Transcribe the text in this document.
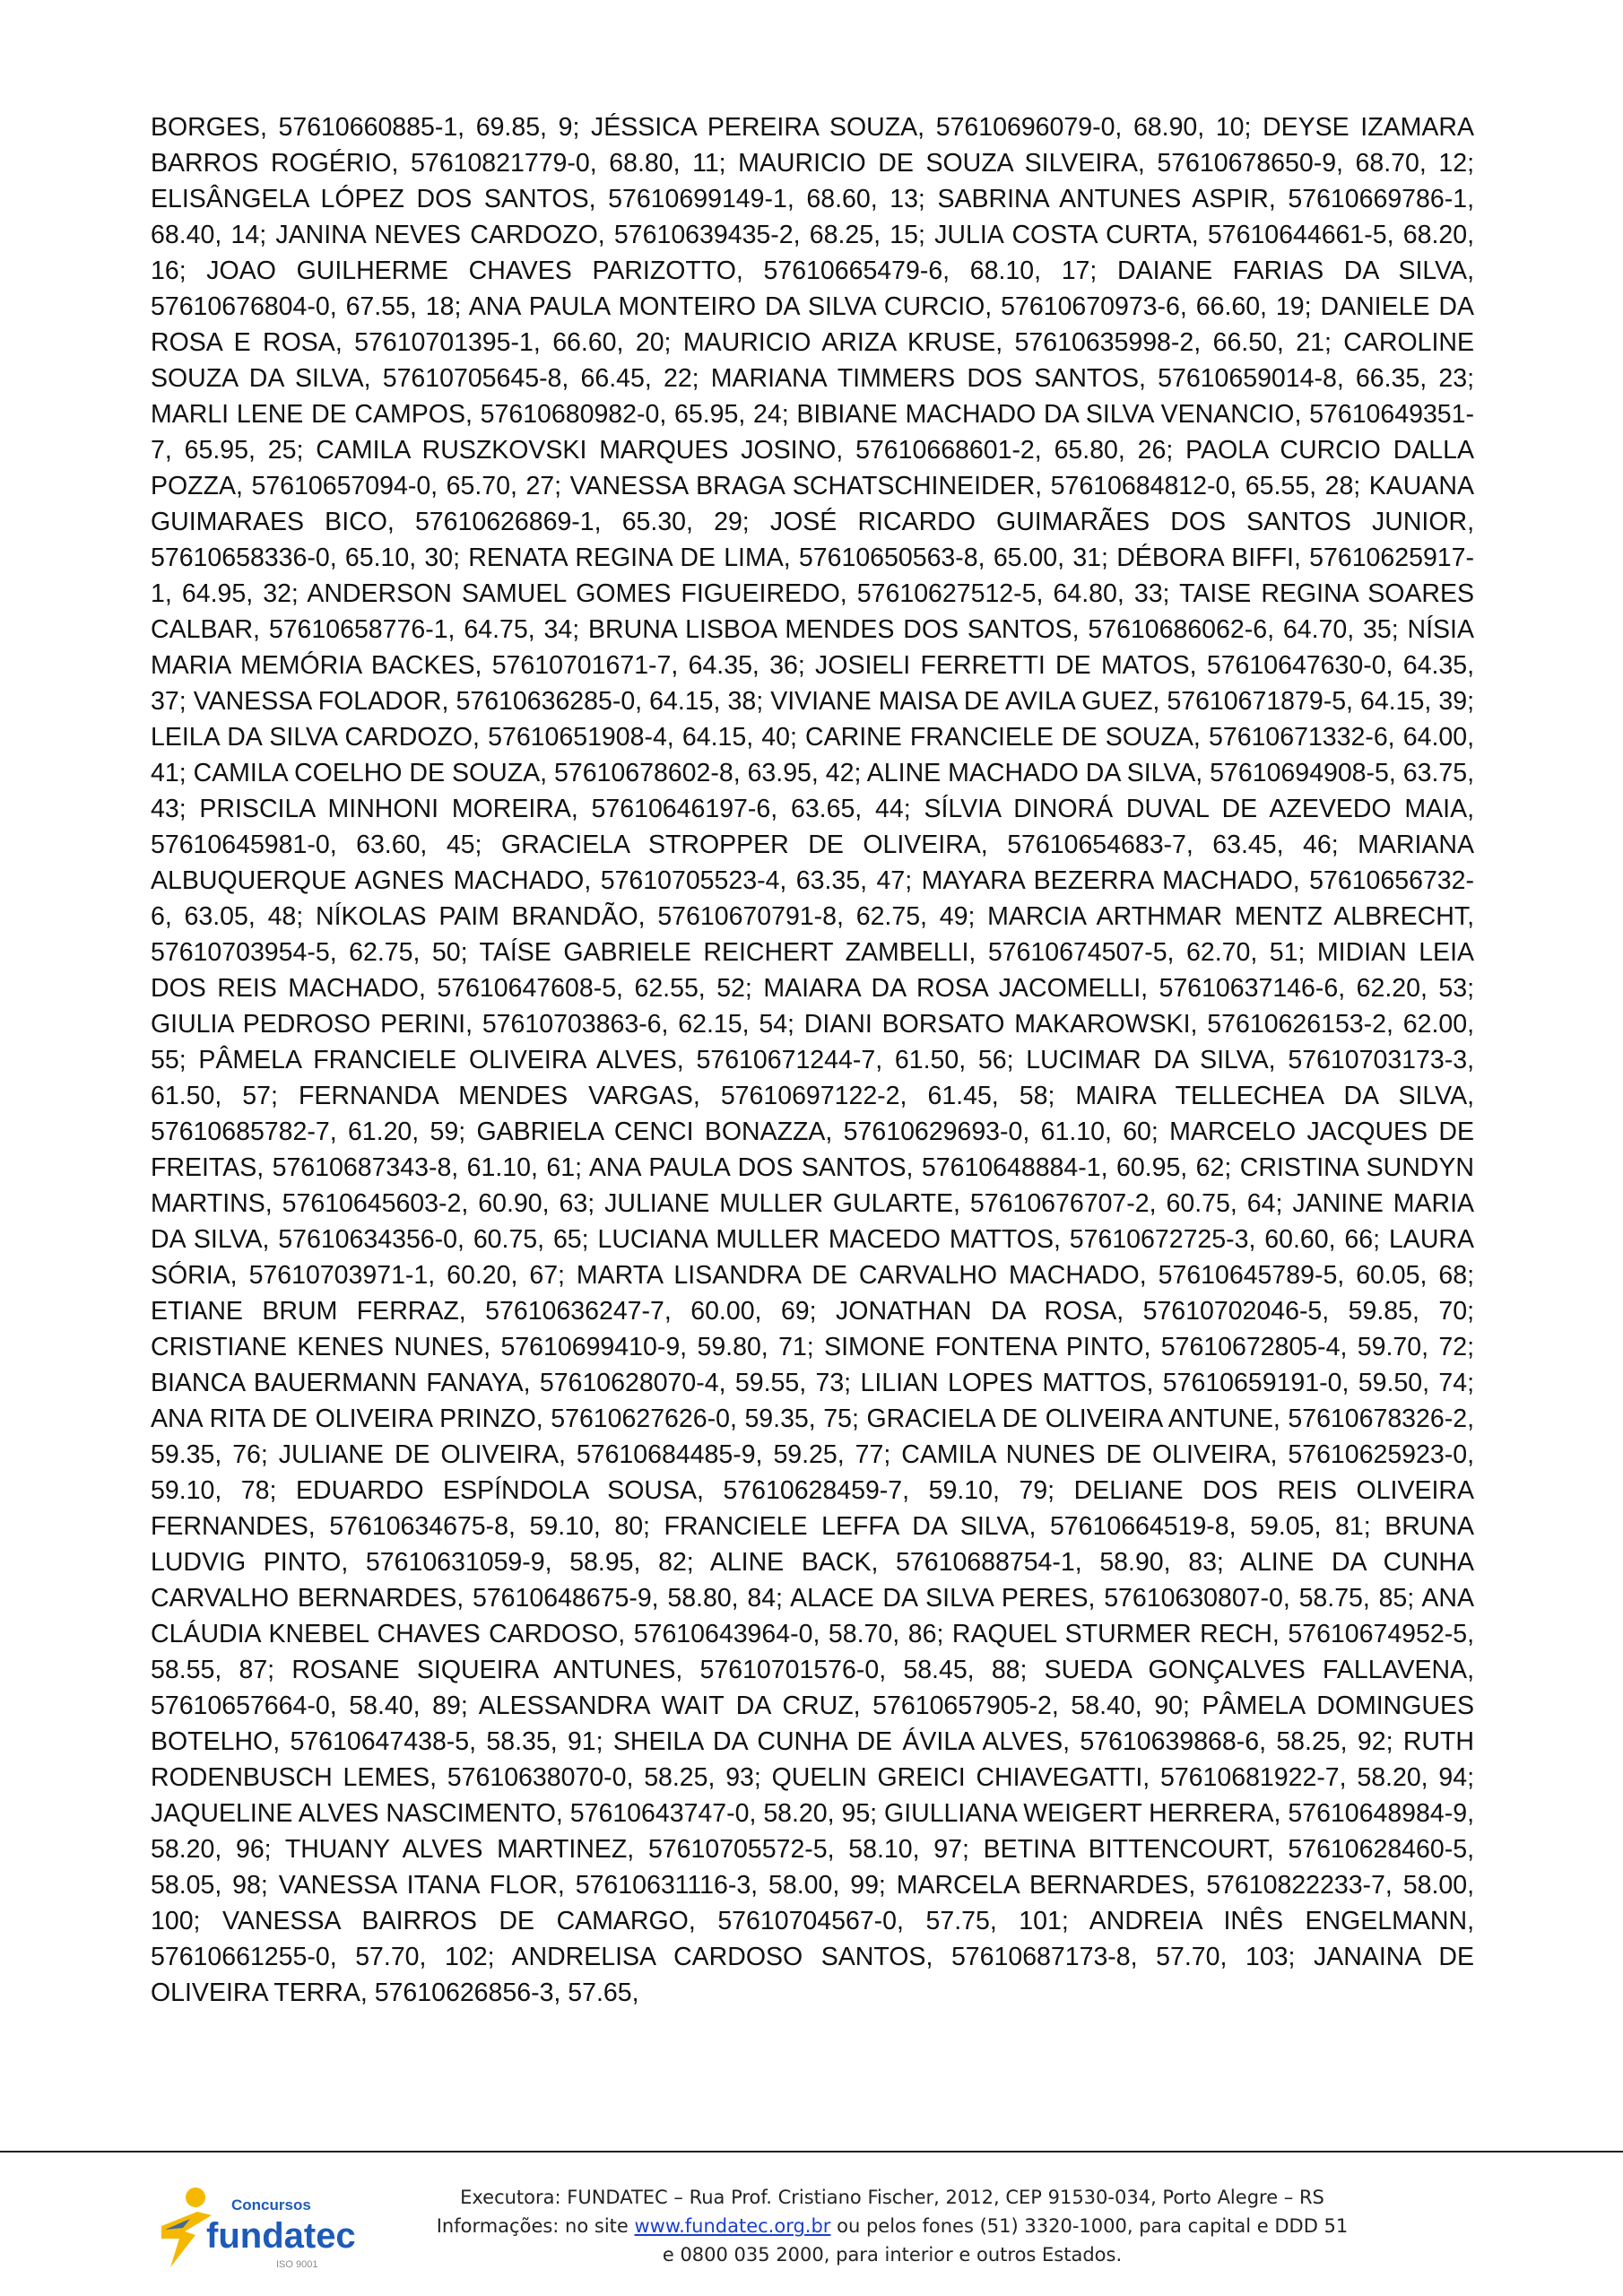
BORGES, 57610660885-1, 69.85, 9; JÉSSICA PEREIRA SOUZA, 57610696079-0, 68.90, 10; DEYSE IZAMARA BARROS ROGÉRIO, 57610821779-0, 68.80, 11; MAURICIO DE SOUZA SILVEIRA, 57610678650-9, 68.70, 12; ELISÂNGELA LÓPEZ DOS SANTOS, 57610699149-1, 68.60, 13; SABRINA ANTUNES ASPIR, 57610669786-1, 68.40, 14; JANINA NEVES CARDOZO, 57610639435-2, 68.25, 15; JULIA COSTA CURTA, 57610644661-5, 68.20, 16; JOAO GUILHERME CHAVES PARIZOTTO, 57610665479-6, 68.10, 17; DAIANE FARIAS DA SILVA, 57610676804-0, 67.55, 18; ANA PAULA MONTEIRO DA SILVA CURCIO, 57610670973-6, 66.60, 19; DANIELE DA ROSA E ROSA, 57610701395-1, 66.60, 20; MAURICIO ARIZA KRUSE, 57610635998-2, 66.50, 21; CAROLINE SOUZA DA SILVA, 57610705645-8, 66.45, 22; MARIANA TIMMERS DOS SANTOS, 57610659014-8, 66.35, 23; MARLI LENE DE CAMPOS, 57610680982-0, 65.95, 24; BIBIANE MACHADO DA SILVA VENANCIO, 57610649351-7, 65.95, 25; CAMILA RUSZKOVSKI MARQUES JOSINO, 57610668601-2, 65.80, 26; PAOLA CURCIO DALLA POZZA, 57610657094-0, 65.70, 27; VANESSA BRAGA SCHATSCHINEIDER, 57610684812-0, 65.55, 28; KAUANA GUIMARAES BICO, 57610626869-1, 65.30, 29; JOSÉ RICARDO GUIMARÃES DOS SANTOS JUNIOR, 57610658336-0, 65.10, 30; RENATA REGINA DE LIMA, 57610650563-8, 65.00, 31; DÉBORA BIFFI, 57610625917-1, 64.95, 32; ANDERSON SAMUEL GOMES FIGUEIREDO, 57610627512-5, 64.80, 33; TAISE REGINA SOARES CALBAR, 57610658776-1, 64.75, 34; BRUNA LISBOA MENDES DOS SANTOS, 57610686062-6, 64.70, 35; NÍSIA MARIA MEMÓRIA BACKES, 57610701671-7, 64.35, 36; JOSIELI FERRETTI DE MATOS, 57610647630-0, 64.35, 37; VANESSA FOLADOR, 57610636285-0, 64.15, 38; VIVIANE MAISA DE AVILA GUEZ, 57610671879-5, 64.15, 39; LEILA DA SILVA CARDOZO, 57610651908-4, 64.15, 40; CARINE FRANCIELE DE SOUZA, 57610671332-6, 64.00, 41; CAMILA COELHO DE SOUZA, 57610678602-8, 63.95, 42; ALINE MACHADO DA SILVA, 57610694908-5, 63.75, 43; PRISCILA MINHONI MOREIRA, 57610646197-6, 63.65, 44; SÍLVIA DINORÁ DUVAL DE AZEVEDO MAIA, 57610645981-0, 63.60, 45; GRACIELA STROPPER DE OLIVEIRA, 57610654683-7, 63.45, 46; MARIANA ALBUQUERQUE AGNES MACHADO, 57610705523-4, 63.35, 47; MAYARA BEZERRA MACHADO, 57610656732-6, 63.05, 48; NÍKOLAS PAIM BRANDÃO, 57610670791-8, 62.75, 49; MARCIA ARTHMAR MENTZ ALBRECHT, 57610703954-5, 62.75, 50; TAÍSE GABRIELE REICHERT ZAMBELLI, 57610674507-5, 62.70, 51; MIDIAN LEIA DOS REIS MACHADO, 57610647608-5, 62.55, 52; MAIARA DA ROSA JACOMELLI, 57610637146-6, 62.20, 53; GIULIA PEDROSO PERINI, 57610703863-6, 62.15, 54; DIANI BORSATO MAKAROWSKI, 57610626153-2, 62.00, 55; PÂMELA FRANCIELE OLIVEIRA ALVES, 57610671244-7, 61.50, 56; LUCIMAR DA SILVA, 57610703173-3, 61.50, 57; FERNANDA MENDES VARGAS, 57610697122-2, 61.45, 58; MAIRA TELLECHEA DA SILVA, 57610685782-7, 61.20, 59; GABRIELA CENCI BONAZZA, 57610629693-0, 61.10, 60; MARCELO JACQUES DE FREITAS, 57610687343-8, 61.10, 61; ANA PAULA DOS SANTOS, 57610648884-1, 60.95, 62; CRISTINA SUNDYN MARTINS, 57610645603-2, 60.90, 63; JULIANE MULLER GULARTE, 57610676707-2, 60.75, 64; JANINE MARIA DA SILVA, 57610634356-0, 60.75, 65; LUCIANA MULLER MACEDO MATTOS, 57610672725-3, 60.60, 66; LAURA SÓRIA, 57610703971-1, 60.20, 67; MARTA LISANDRA DE CARVALHO MACHADO, 57610645789-5, 60.05, 68; ETIANE BRUM FERRAZ, 57610636247-7, 60.00, 69; JONATHAN DA ROSA, 57610702046-5, 59.85, 70; CRISTIANE KENES NUNES, 57610699410-9, 59.80, 71; SIMONE FONTENA PINTO, 57610672805-4, 59.70, 72; BIANCA BAUERMANN FANAYA, 57610628070-4, 59.55, 73; LILIAN LOPES MATTOS, 57610659191-0, 59.50, 74; ANA RITA DE OLIVEIRA PRINZO, 57610627626-0, 59.35, 75; GRACIELA DE OLIVEIRA ANTUNE, 57610678326-2, 59.35, 76; JULIANE DE OLIVEIRA, 57610684485-9, 59.25, 77; CAMILA NUNES DE OLIVEIRA, 57610625923-0, 59.10, 78; EDUARDO ESPÍNDOLA SOUSA, 57610628459-7, 59.10, 79; DELIANE DOS REIS OLIVEIRA FERNANDES, 57610634675-8, 59.10, 80; FRANCIELE LEFFA DA SILVA, 57610664519-8, 59.05, 81; BRUNA LUDVIG PINTO, 57610631059-9, 58.95, 82; ALINE BACK, 57610688754-1, 58.90, 83; ALINE DA CUNHA CARVALHO BERNARDES, 57610648675-9, 58.80, 84; ALACE DA SILVA PERES, 57610630807-0, 58.75, 85; ANA CLÁUDIA KNEBEL CHAVES CARDOSO, 57610643964-0, 58.70, 86; RAQUEL STURMER RECH, 57610674952-5, 58.55, 87; ROSANE SIQUEIRA ANTUNES, 57610701576-0, 58.45, 88; SUEDA GONÇALVES FALLAVENA, 57610657664-0, 58.40, 89; ALESSANDRA WAIT DA CRUZ, 57610657905-2, 58.40, 90; PÂMELA DOMINGUES BOTELHO, 57610647438-5, 58.35, 91; SHEILA DA CUNHA DE ÁVILA ALVES, 57610639868-6, 58.25, 92; RUTH RODENBUSCH LEMES, 57610638070-0, 58.25, 93; QUELIN GREICI CHIAVEGATTI, 57610681922-7, 58.20, 94; JAQUELINE ALVES NASCIMENTO, 57610643747-0, 58.20, 95; GIULLIANA WEIGERT HERRERA, 57610648984-9, 58.20, 96; THUANY ALVES MARTINEZ, 57610705572-5, 58.10, 97; BETINA BITTENCOURT, 57610628460-5, 58.05, 98; VANESSA ITANA FLOR, 57610631116-3, 58.00, 99; MARCELA BERNARDES, 57610822233-7, 58.00, 100; VANESSA BAIRROS DE CAMARGO, 57610704567-0, 57.75, 101; ANDREIA INÊS ENGELMANN, 57610661255-0, 57.70, 102; ANDRELISA CARDOSO SANTOS, 57610687173-8, 57.70, 103; JANAINA DE OLIVEIRA TERRA, 57610626856-3, 57.65,

Concursos
fundatec
ISO 9001
Executora: FUNDATEC – Rua Prof. Cristiano Fischer, 2012, CEP 91530-034, Porto Alegre – RS
Informações: no site www.fundatec.org.br ou pelos fones (51) 3320-1000, para capital e DDD 51
e 0800 035 2000, para interior e outros Estados.
